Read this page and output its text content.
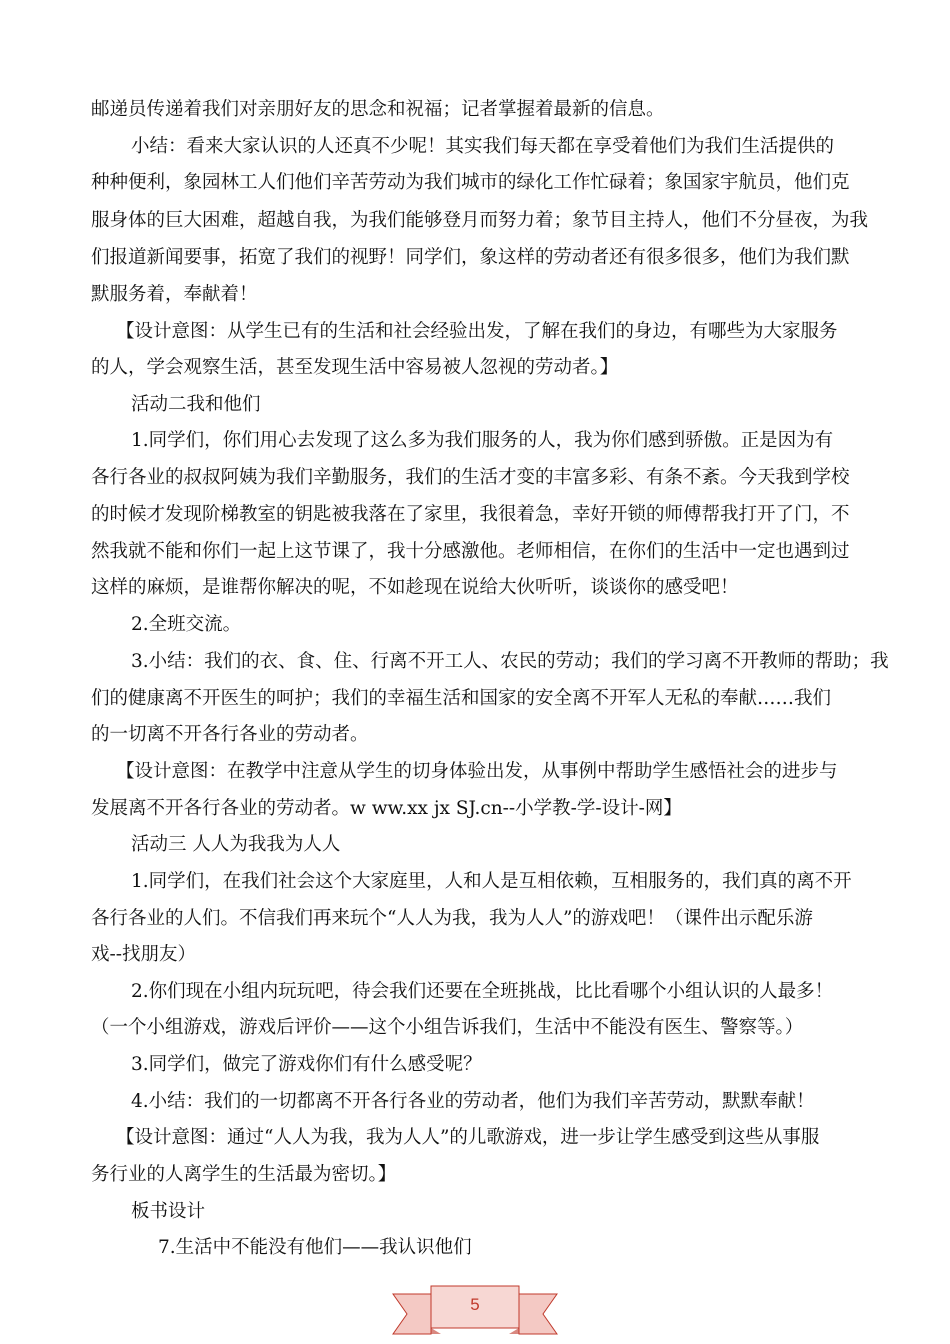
邮递员传递着我们对亲朋好友的思念和祝福；记者掌握着最新的信息。
小结：看来大家认识的人还真不少呢！其实我们每天都在享受着他们为我们生活提供的
种种便利，象园林工人们他们辛苦劳动为我们城市的绿化工作忙碌着；象国家宇航员，他们克
服身体的巨大困难，超越自我，为我们能够登月而努力着；象节目主持人，他们不分昼夜，为我
们报道新闻要事，拓宽了我们的视野！同学们，象这样的劳动者还有很多很多，他们为我们默
默服务着，奉献着！
【设计意图：从学生已有的生活和社会经验出发，了解在我们的身边，有哪些为大家服务
的人，学会观察生活，甚至发现生活中容易被人忽视的劳动者。】
活动二我和他们
1.同学们，你们用心去发现了这么多为我们服务的人，我为你们感到骄傲。正是因为有
各行各业的叔叔阿姨为我们辛勤服务，我们的生活才变的丰富多彩、有条不紊。今天我到学校
的时候才发现阶梯教室的钥匙被我落在了家里，我很着急，幸好开锁的师傅帮我打开了门，不
然我就不能和你们一起上这节课了，我十分感激他。老师相信，在你们的生活中一定也遇到过
这样的麻烦，是谁帮你解决的呢，不如趁现在说给大伙听听，谈谈你的感受吧！
2.全班交流。
3.小结：我们的衣、食、住、行离不开工人、农民的劳动；我们的学习离不开教师的帮助；我
们的健康离不开医生的呵护；我们的幸福生活和国家的安全离不开军人无私的奉献……我们
的一切离不开各行各业的劳动者。
【设计意图：在教学中注意从学生的切身体验出发，从事例中帮助学生感悟社会的进步与
发展离不开各行各业的劳动者。w ww.xx jx SJ.cn--小学教-学-设计-网】
活动三 人人为我我为人人
1.同学们，在我们社会这个大家庭里，人和人是互相依赖，互相服务的，我们真的离不开
各行各业的人们。不信我们再来玩个“人人为我，我为人人”的游戏吧！（课件出示配乐游
戏--找朋友）
2.你们现在小组内玩玩吧，待会我们还要在全班挑战，比比看哪个小组认识的人最多！
（一个小组游戏，游戏后评价——这个小组告诉我们，生活中不能没有医生、警察等。）
3.同学们，做完了游戏你们有什么感受呢？
4.小结：我们的一切都离不开各行各业的劳动者，他们为我们辛苦劳动，默默奉献！
【设计意图：通过“人人为我，我为人人”的儿歌游戏，进一步让学生感受到这些从事服
务行业的人离学生的生活最为密切。】
板书设计
7.生活中不能没有他们——我认识他们
5
